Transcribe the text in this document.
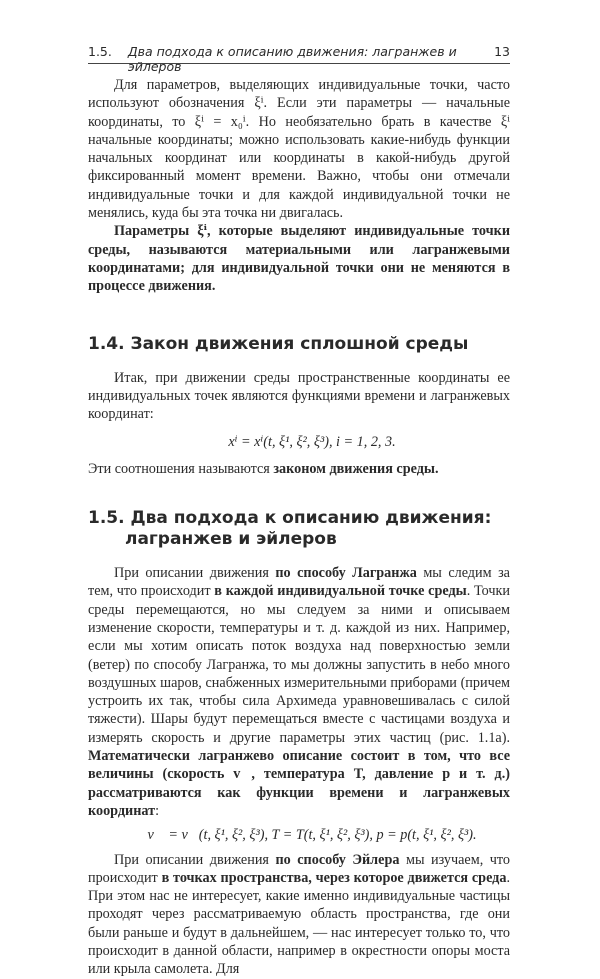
1.5. Два подхода к описанию движения: лагранжев и эйлеров
13

Для параметров, выделяющих индивидуальные точки, часто используют обозначения ξⁱ. Если эти параметры — начальные координаты, то ξⁱ = x₀ⁱ. Но необязательно брать в качестве ξⁱ начальные координаты; можно использовать какие-нибудь функции начальных координат или координаты в какой-нибудь другой фиксированный момент времени. Важно, чтобы они отмечали индивидуальные точки и для каждой индивидуальной точки не менялись, куда бы эта точка ни двигалась.

Параметры ξⁱ, которые выделяют индивидуальные точки среды, называются материальными или лагранжевыми координатами; для индивидуальной точки они не меняются в процессе движения.

1.4. Закон движения сплошной среды

Итак, при движении среды пространственные координаты ее индивидуальных точек являются функциями времени и лагранжевых координат:

xⁱ = xⁱ(t, ξ¹, ξ², ξ³), i = 1, 2, 3.

Эти соотношения называются законом движения среды.

1.5. Два подхода к описанию движения:
лагранжев и эйлеров

При описании движения по способу Лагранжа мы следим за тем, что происходит в каждой индивидуальной точке среды. Точки среды перемещаются, но мы следуем за ними и описываем изменение скорости, температуры и т. д. каждой из них. Например, если мы хотим описать поток воздуха над поверхностью земли (ветер) по способу Лагранжа, то мы должны запустить в небо много воздушных шаров, снабженных измерительными приборами (причем устроить их так, чтобы сила Архимеда уравновешивалась с силой тяжести). Шары будут перемещаться вместе с частицами воздуха и измерять скорость и другие параметры этих частиц (рис. 1.1а). Математически лагранжево описание состоит в том, что все величины (скорость v⃗, температура T, давление p и т. д.) рассматриваются как функции времени и лагранжевых координат:

v⃗ = v⃗(t, ξ¹, ξ², ξ³), T = T(t, ξ¹, ξ², ξ³), p = p(t, ξ¹, ξ², ξ³).

При описании движения по способу Эйлера мы изучаем, что происходит в точках пространства, через которое движется среда. При этом нас не интересует, какие именно индивидуальные частицы проходят через рассматриваемую область пространства, где они были раньше и будут в дальнейшем, — нас интересует только то, что происходит в данной области, например в окрестности опоры моста или крыла самолета. Для
